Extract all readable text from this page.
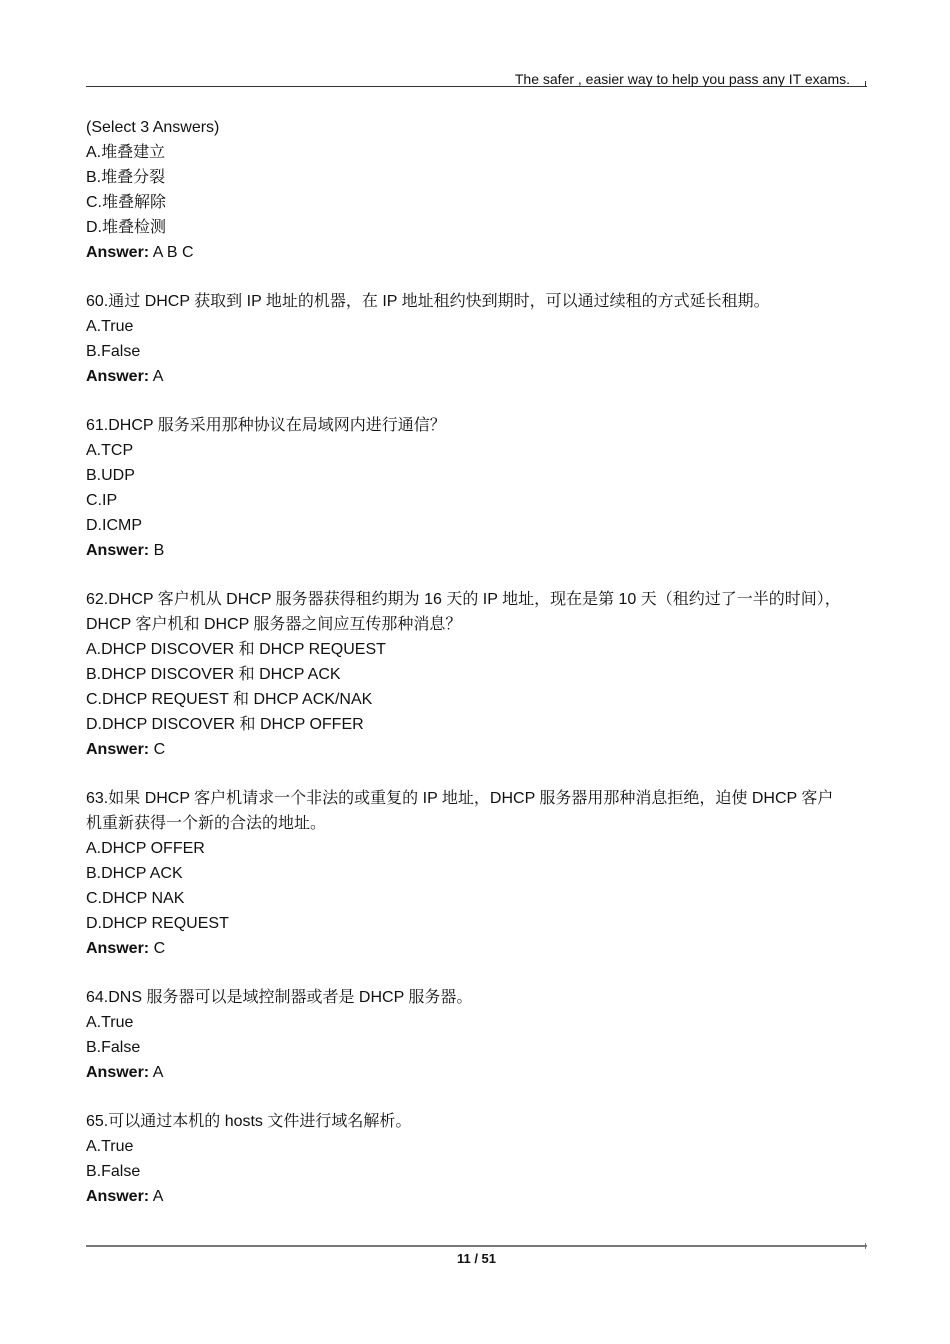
The safer , easier way to help you pass any IT exams.
(Select 3 Answers)
A.堆叠建立
B.堆叠分裂
C.堆叠解除
D.堆叠检测
Answer: A B C
60.通过 DHCP 获取到 IP 地址的机器，在 IP 地址租约快到期时，可以通过续租的方式延长租期。
A.True
B.False
Answer: A
61.DHCP 服务采用那种协议在局域网内进行通信？
A.TCP
B.UDP
C.IP
D.ICMP
Answer: B
62.DHCP 客户机从 DHCP 服务器获得租约期为 16 天的 IP 地址，现在是第 10 天（租约过了一半的时间），
DHCP 客户机和 DHCP 服务器之间应互传那种消息？
A.DHCP DISCOVER 和 DHCP REQUEST
B.DHCP DISCOVER 和 DHCP ACK
C.DHCP REQUEST 和 DHCP ACK/NAK
D.DHCP DISCOVER 和 DHCP OFFER
Answer: C
63.如果 DHCP 客户机请求一个非法的或重复的 IP 地址，DHCP 服务器用那种消息拒绝，迫使 DHCP 客户
机重新获得一个新的合法的地址。
A.DHCP OFFER
B.DHCP ACK
C.DHCP NAK
D.DHCP REQUEST
Answer: C
64.DNS 服务器可以是域控制器或者是 DHCP 服务器。
A.True
B.False
Answer: A
65.可以通过本机的 hosts 文件进行域名解析。
A.True
B.False
Answer: A
11 / 51
